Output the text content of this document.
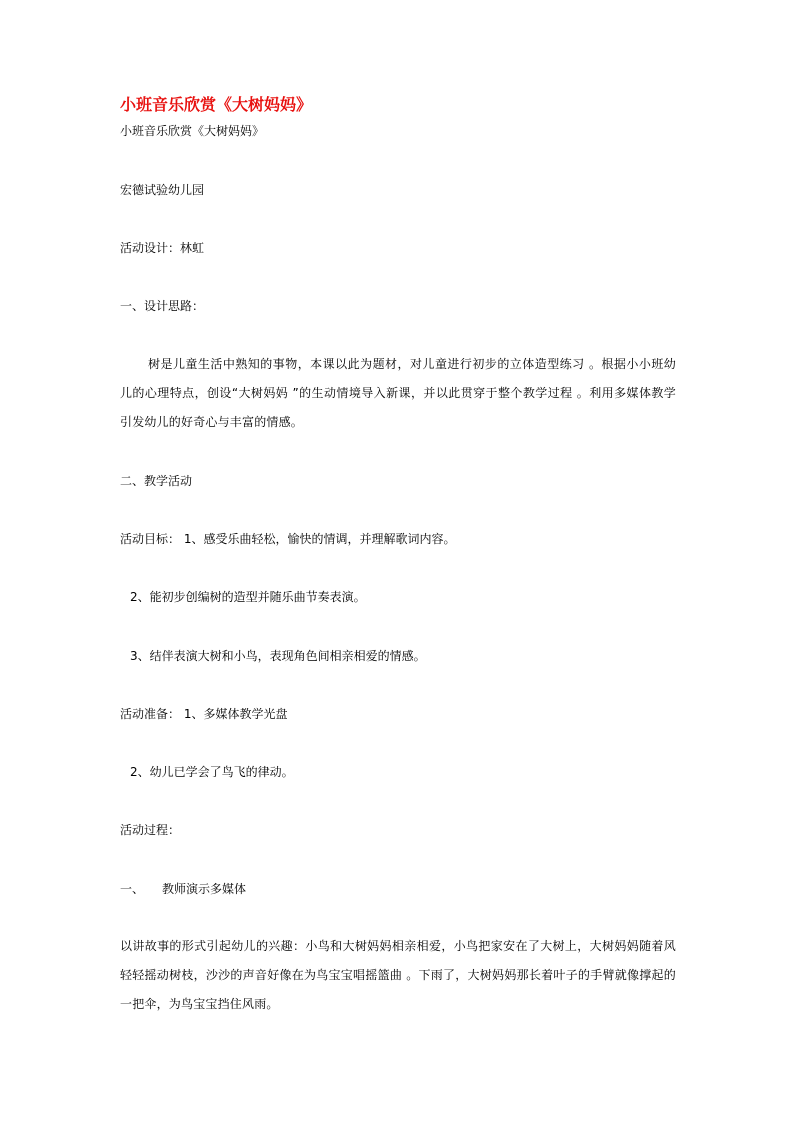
小班音乐欣赏《大树妈妈》
小班音乐欣赏《大树妈妈》
宏德试验幼儿园
活动设计：林虹
一、设计思路：
树是儿童生活中熟知的事物，本课以此为题材，对儿童进行初步的立体造型练习 。根据小小班幼儿的心理特点，创设“大树妈妈 ”的生动情境导入新课，并以此贯穿于整个教学过程 。利用多媒体教学引发幼儿的好奇心与丰富的情感。
二、教学活动
活动目标： 1、感受乐曲轻松，愉快的情调，并理解歌词内容。
2、能初步创编树的造型并随乐曲节奏表演。
3、结伴表演大树和小鸟，表现角色间相亲相爱的情感。
活动准备： 1、多媒体教学光盘
2、幼儿已学会了鸟飞的律动。
活动过程：
一、 教师演示多媒体
以讲故事的形式引起幼儿的兴趣：小鸟和大树妈妈相亲相爱，小鸟把家安在了大树上，大树妈妈随着风轻轻摇动树枝，沙沙的声音好像在为鸟宝宝唱摇篮曲 。下雨了，大树妈妈那长着叶子的手臂就像撑起的一把伞，为鸟宝宝挡住风雨。
